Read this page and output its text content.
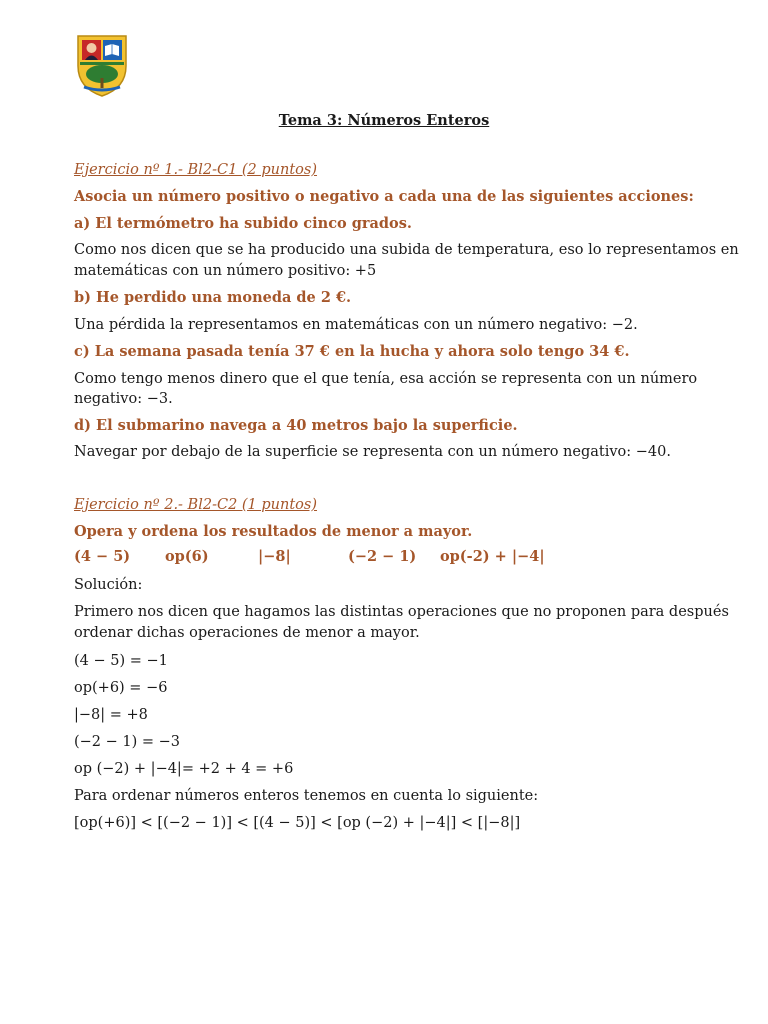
Tema 3: Números Enteros
Ejercicio nº 1.- Bl2-C1 (2 puntos)
Asocia un número positivo o negativo a cada una de las siguientes acciones:
a) El termómetro ha subido cinco grados.
Como nos dicen que se ha producido una subida de temperatura, eso lo representamos en
matemáticas con un número positivo: +5
b) He perdido una moneda de 2 €.
Una pérdida la representamos en matemáticas con un número negativo: −2.
c) La semana pasada tenía 37 € en la hucha y ahora solo tengo 34 €.
Como tengo menos dinero que el que tenía, esa acción se representa con un número
negativo: −3.
d) El submarino navega a 40 metros bajo la superficie.
Navegar por debajo de la superficie se representa con un número negativo: −40.
Ejercicio nº 2.- Bl2-C2 (1 puntos)
Opera y ordena los resultados de menor a mayor.
(4 − 5) op(6)	|−8|	(−2 − 1) op(-2) + |−4|
Solución:
Primero nos dicen que hagamos las distintas operaciones que no proponen para después
ordenar dichas operaciones de menor a mayor.
(4 − 5) = −1
op(+6) = −6
|−8| = +8
(−2 − 1) = −3
op (−2) + |−4|= +2 + 4 = +6
Para ordenar números enteros tenemos en cuenta lo siguiente:
[op(+6)] < [(−2 − 1)] < [(4 − 5)] < [op (−2) + |−4|] < [|−8|]
